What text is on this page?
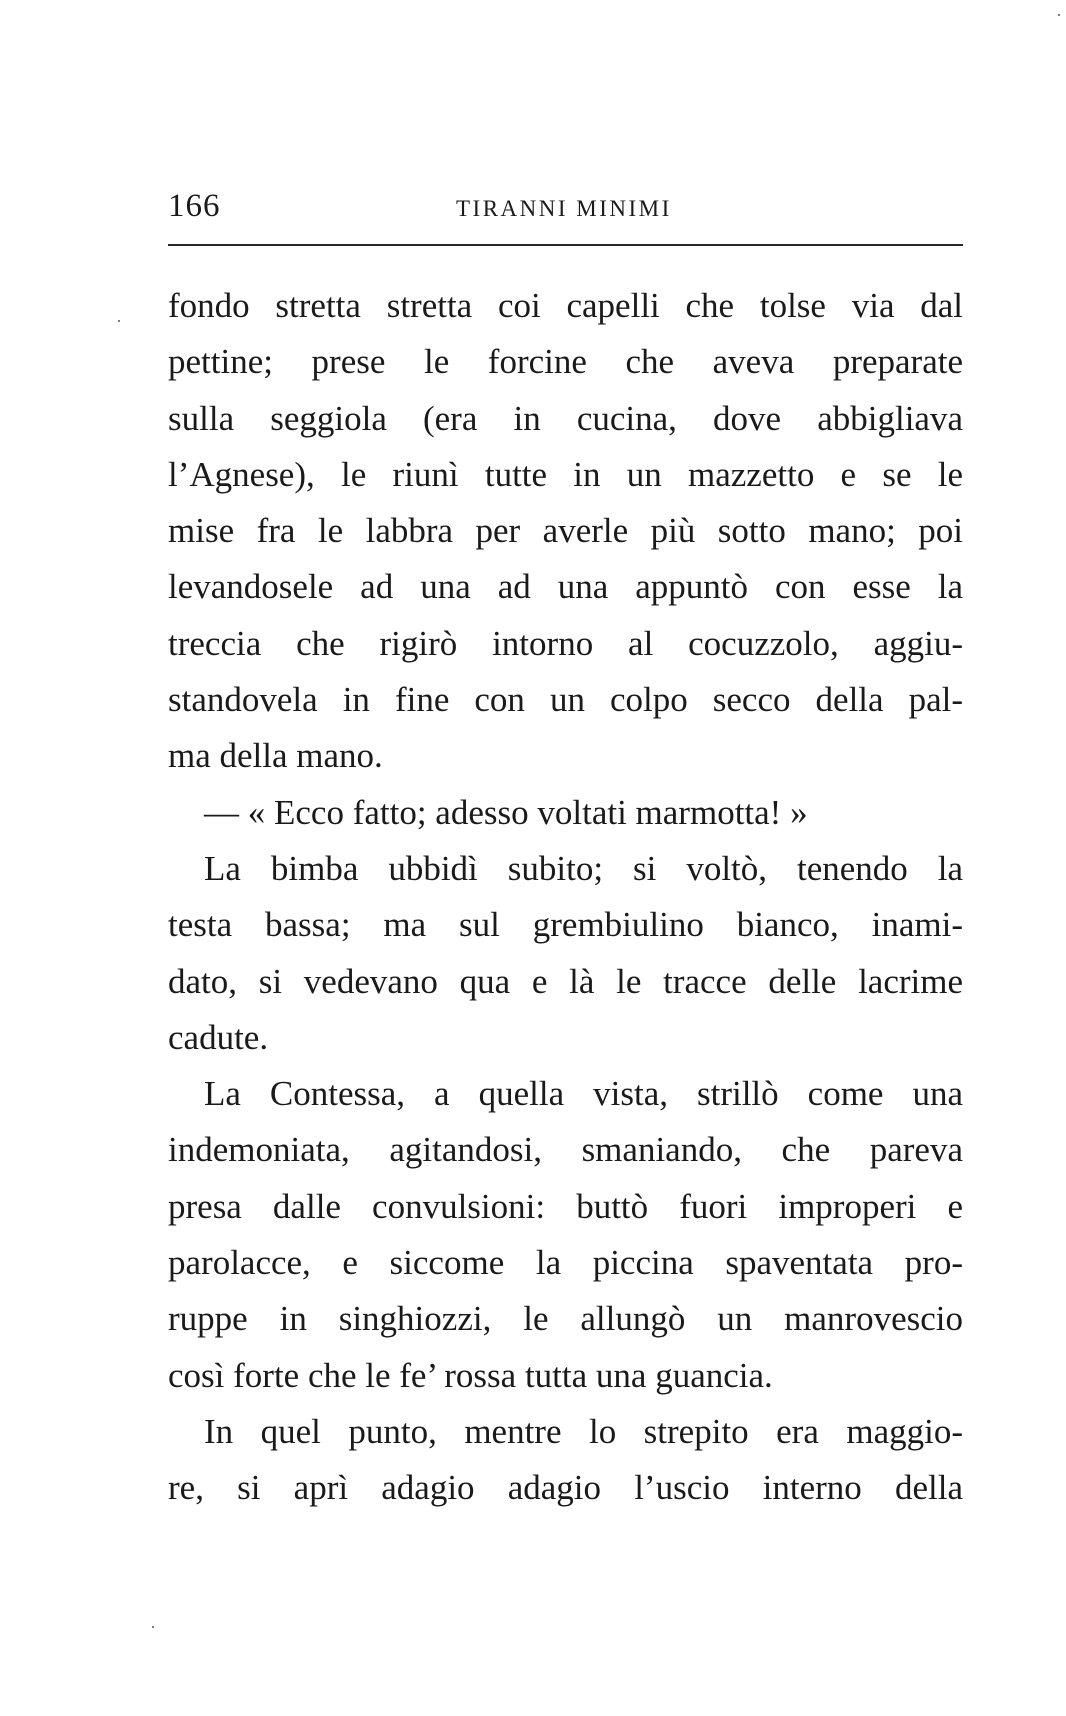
166	TIRANNI MINIMI
fondo stretta stretta coi capelli che tolse via dal
pettine; prese le forcine che aveva preparate
sulla seggiola (era in cucina, dove abbigliava
l’Agnese), le riunì tutte in un mazzetto e se le
mise fra le labbra per averle più sotto mano; poi
levandosele ad una ad una appuntò con esse la
treccia che rigirò intorno al cocuzzolo, aggiu-
standovela in fine con un colpo secco della pal-
ma della mano.
— « Ecco fatto; adesso voltati marmotta! »
La bimba ubbidì subito; si voltò, tenendo la
testa bassa; ma sul grembiulino bianco, inami-
dato, si vedevano qua e là le tracce delle lacrime
cadute.
La Contessa, a quella vista, strillò come una
indemoniata, agitandosi, smaniando, che pareva
presa dalle convulsioni: buttò fuori improperi e
parolacce, e siccome la piccina spaventata pro-
ruppe in singhiozzi, le allungò un manrovescio
così forte che le fe’ rossa tutta una guancia.
In quel punto, mentre lo strepito era maggio-
re, si aprì adagio adagio l’uscio interno della
